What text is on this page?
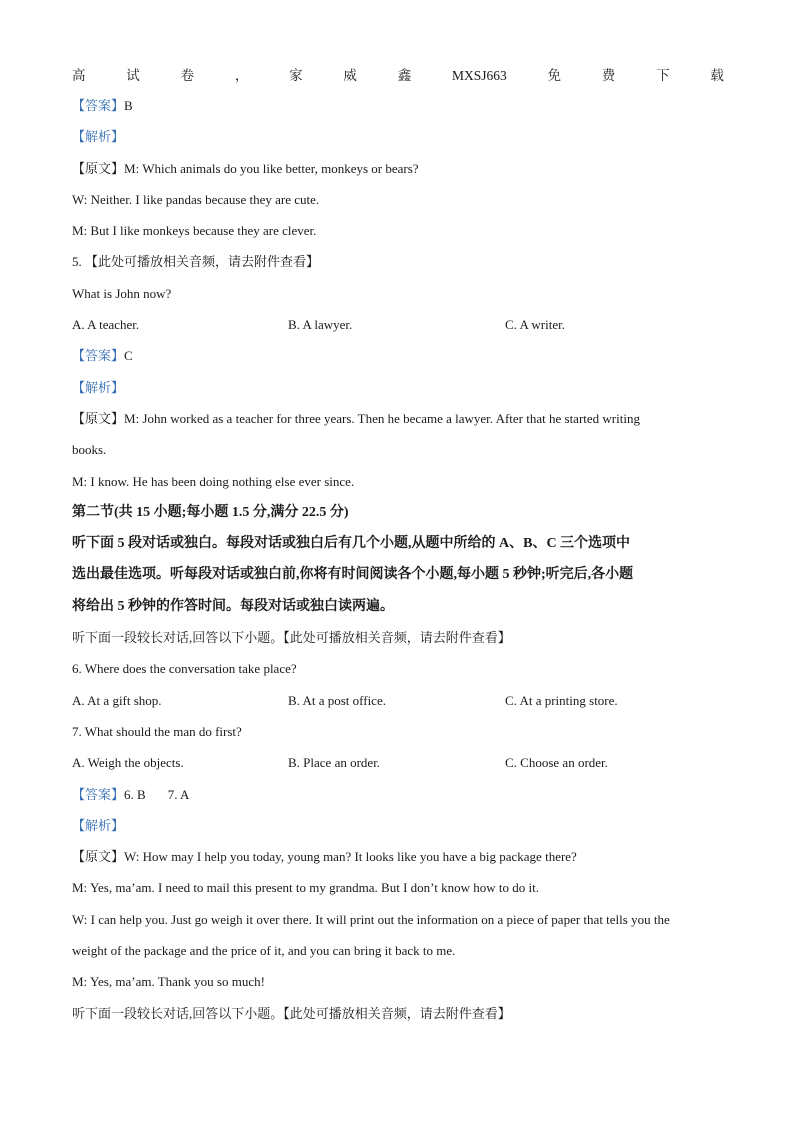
高	试	卷	，	家	威	鑫	MXSJ663	免	费	下	载
【答案】B
【解析】
【原文】M: Which animals do you like better, monkeys or bears?
W: Neither. I like pandas because they are cute.
M: But I like monkeys because they are clever.
5. 【此处可播放相关音频，请去附件查看】
What is John now?
A. A teacher.	B. A lawyer.	C. A writer.
【答案】C
【解析】
【原文】M: John worked as a teacher for three years. Then he became a lawyer. After that he started writing
books.
M: I know. He has been doing nothing else ever since.
第二节(共 15 小题;每小题 1.5 分,满分 22.5 分)
听下面 5 段对话或独白。每段对话或独白后有几个小题,从题中所给的 A、B、C 三个选项中
选出最佳选项。听每段对话或独白前,你将有时间阅读各个小题,每小题 5 秒钟;听完后,各小题
将给出 5 秒钟的作答时间。每段对话或独白读两遍。
听下面一段较长对话,回答以下小题。【此处可播放相关音频，请去附件查看】
6. Where does the conversation take place?
A. At a gift shop.	B. At a post office.	C. At a printing store.
7. What should the man do first?
A. Weigh the objects.	B. Place an order.	C. Choose an order.
【答案】6. B 7. A
【解析】
【原文】W: How may I help you today, young man? It looks like you have a big package there?
M: Yes, ma’am. I need to mail this present to my grandma. But I don’t know how to do it.
W: I can help you. Just go weigh it over there. It will print out the information on a piece of paper that tells you the
weight of the package and the price of it, and you can bring it back to me.
M: Yes, ma’am. Thank you so much!
听下面一段较长对话,回答以下小题。【此处可播放相关音频，请去附件查看】
